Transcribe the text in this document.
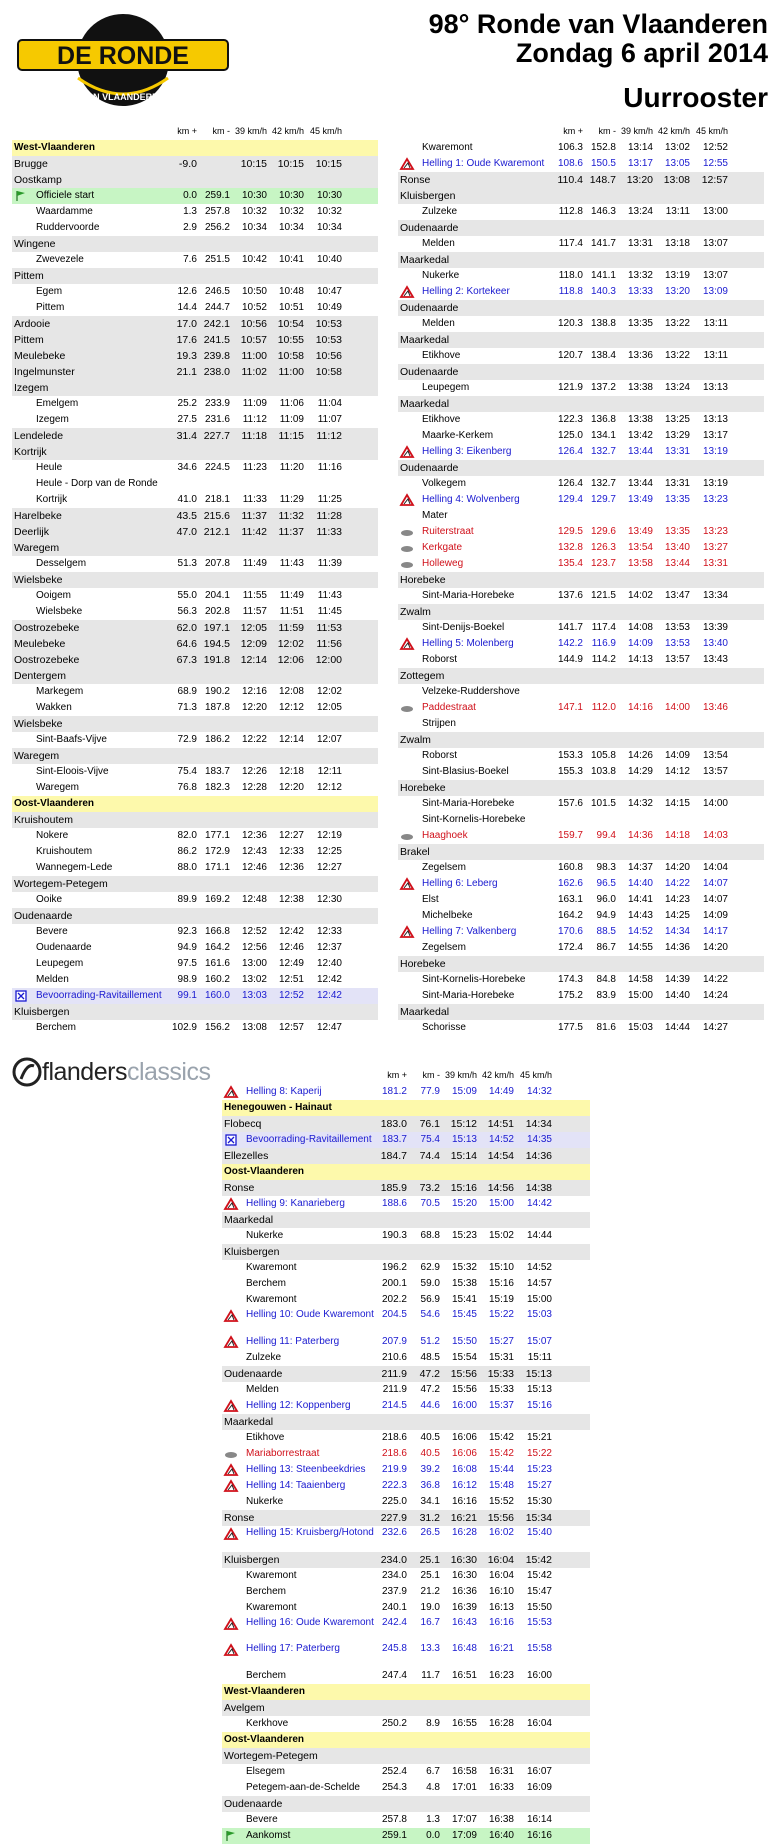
DE RONDE
VAN VLAANDEREN
98° Ronde van Vlaanderen
Zondag 6 april 2014
Uurrooster
flanders classics
km +	km - 39 km/h 42 km/h 45 km/h
West-Vlaanderen
Brugge	-9.0	10:15	10:15	10:15
Oostkamp
Officiele start	0.0 259.1	10:30	10:30	10:30
Waardamme	1.3 257.8	10:32	10:32	10:32
Ruddervoorde	2.9 256.2	10:34	10:34	10:34
Wingene
Zwevezele	7.6 251.5	10:42	10:41	10:40
Pittem
Egem	12.6 246.5	10:50	10:48	10:47
Pittem	14.4 244.7	10:52	10:51	10:49
Ardooie	17.0 242.1	10:56	10:54	10:53
Pittem	17.6 241.5	10:57	10:55	10:53
Meulebeke	19.3 239.8	11:00	10:58	10:56
Ingelmunster	21.1 238.0	11:02	11:00	10:58
Izegem
Emelgem	25.2 233.9	11:09	11:06	11:04
Izegem	27.5 231.6	11:12	11:09	11:07
Lendelede	31.4 227.7	11:18	11:15	11:12
Kortrijk
Heule	34.6 224.5	11:23	11:20	11:16
Heule - Dorp van de Ronde
Kortrijk	41.0 218.1	11:33	11:29	11:25
Harelbeke	43.5 215.6	11:37	11:32	11:28
Deerlijk	47.0 212.1	11:42	11:37	11:33
Waregem
Desselgem	51.3 207.8	11:49	11:43	11:39
Wielsbeke
Ooigem	55.0 204.1	11:55	11:49	11:43
Wielsbeke	56.3 202.8	11:57	11:51	11:45
Oostrozebeke	62.0 197.1	12:05	11:59	11:53
Meulebeke	64.6 194.5	12:09	12:02	11:56
Oostrozebeke	67.3 191.8	12:14	12:06	12:00
Dentergem
Markegem	68.9 190.2	12:16	12:08	12:02
Wakken	71.3 187.8	12:20	12:12	12:05
Wielsbeke
Sint-Baafs-Vijve	72.9 186.2	12:22	12:14	12:07
Waregem
Sint-Eloois-Vijve	75.4 183.7	12:26	12:18	12:11
Waregem	76.8 182.3	12:28	12:20	12:12
Oost-Vlaanderen
Kruishoutem
Nokere	82.0 177.1	12:36	12:27	12:19
Kruishoutem	86.2 172.9	12:43	12:33	12:25
Wannegem-Lede	88.0 171.1	12:46	12:36	12:27
Wortegem-Petegem
Ooike	89.9 169.2	12:48	12:38	12:30
Oudenaarde
Bevere	92.3 166.8	12:52	12:42	12:33
Oudenaarde	94.9 164.2	12:56	12:46	12:37
Leupegem	97.5 161.6	13:00	12:49	12:40
Melden	98.9 160.2	13:02	12:51	12:42
Bevoorrading-Ravitaillement	99.1 160.0	13:03	12:52	12:42
Kluisbergen
Berchem	102.9 156.2	13:08	12:57	12:47
km +	km - 39 km/h 42 km/h 45 km/h
Kwaremont	106.3 152.8	13:14	13:02	12:52
Helling 1: Oude Kwaremont	108.6 150.5	13:17	13:05	12:55
Ronse	110.4 148.7	13:20	13:08	12:57
Kluisbergen
Zulzeke	112.8 146.3	13:24	13:11	13:00
Oudenaarde
Melden	117.4 141.7	13:31	13:18	13:07
Maarkedal
Nukerke	118.0 141.1	13:32	13:19	13:07
Helling 2: Kortekeer	118.8 140.3	13:33	13:20	13:09
Oudenaarde
Melden	120.3 138.8	13:35	13:22	13:11
Maarkedal
Etikhove	120.7 138.4	13:36	13:22	13:11
Oudenaarde
Leupegem	121.9 137.2	13:38	13:24	13:13
Maarkedal
Etikhove	122.3 136.8	13:38	13:25	13:13
Maarke-Kerkem	125.0 134.1	13:42	13:29	13:17
Helling 3: Eikenberg	126.4 132.7	13:44	13:31	13:19
Oudenaarde
Volkegem	126.4 132.7	13:44	13:31	13:19
Helling 4: Wolvenberg	129.4 129.7	13:49	13:35	13:23
Mater
Ruiterstraat	129.5 129.6	13:49	13:35	13:23
Kerkgate	132.8 126.3	13:54	13:40	13:27
Holleweg	135.4 123.7	13:58	13:44	13:31
Horebeke
Sint-Maria-Horebeke	137.6 121.5	14:02	13:47	13:34
Zwalm
Sint-Denijs-Boekel	141.7 117.4	14:08	13:53	13:39
Helling 5: Molenberg	142.2 116.9	14:09	13:53	13:40
Roborst	144.9 114.2	14:13	13:57	13:43
Zottegem
Velzeke-Ruddershove
Paddestraat	147.1 112.0	14:16	14:00	13:46
Strijpen
Zwalm
Roborst	153.3 105.8	14:26	14:09	13:54
Sint-Blasius-Boekel	155.3 103.8	14:29	14:12	13:57
Horebeke
Sint-Maria-Horebeke	157.6 101.5	14:32	14:15	14:00
Sint-Kornelis-Horebeke
Haaghoek	159.7	99.4	14:36	14:18	14:03
Brakel
Zegelsem	160.8	98.3	14:37	14:20	14:04
Helling 6: Leberg	162.6	96.5	14:40	14:22	14:07
Elst	163.1	96.0	14:41	14:23	14:07
Michelbeke	164.2	94.9	14:43	14:25	14:09
Helling 7: Valkenberg	170.6	88.5	14:52	14:34	14:17
Zegelsem	172.4	86.7	14:55	14:36	14:20
Horebeke
Sint-Kornelis-Horebeke	174.3	84.8	14:58	14:39	14:22
Sint-Maria-Horebeke	175.2	83.9	15:00	14:40	14:24
Maarkedal
Schorisse	177.5	81.6	15:03	14:44	14:27
km +	km - 39 km/h 42 km/h 45 km/h
Helling 8: Kaperij	181.2	77.9	15:09	14:49	14:32
Henegouwen - Hainaut
Flobecq	183.0	76.1	15:12	14:51	14:34
Bevoorrading-Ravitaillement	183.7	75.4	15:13	14:52	14:35
Ellezelles	184.7	74.4	15:14	14:54	14:36
Oost-Vlaanderen
Ronse	185.9	73.2	15:16	14:56	14:38
Helling 9: Kanarieberg	188.6	70.5	15:20	15:00	14:42
Maarkedal
Nukerke	190.3	68.8	15:23	15:02	14:44
Kluisbergen
Kwaremont	196.2	62.9	15:32	15:10	14:52
Berchem	200.1	59.0	15:38	15:16	14:57
Kwaremont	202.2	56.9	15:41	15:19	15:00
Helling 10: Oude Kwaremont 204.5	54.6	15:45	15:22	15:03
Helling 11: Paterberg	207.9	51.2	15:50	15:27	15:07
Zulzeke	210.6	48.5	15:54	15:31	15:11
Oudenaarde	211.9	47.2	15:56	15:33	15:13
Melden	211.9	47.2	15:56	15:33	15:13
Helling 12: Koppenberg	214.5	44.6	16:00	15:37	15:16
Maarkedal
Etikhove	218.6	40.5	16:06	15:42	15:21
Mariaborrestraat	218.6	40.5	16:06	15:42	15:22
Helling 13: Steenbeekdries	219.9	39.2	16:08	15:44	15:23
Helling 14: Taaienberg	222.3	36.8	16:12	15:48	15:27
Nukerke	225.0	34.1	16:16	15:52	15:30
Ronse	227.9	31.2	16:21	15:56	15:34
Helling 15: Kruisberg/Hotond 232.6	26.5	16:28	16:02	15:40
Kluisbergen	234.0	25.1	16:30	16:04	15:42
Kwaremont	234.0	25.1	16:30	16:04	15:42
Berchem	237.9	21.2	16:36	16:10	15:47
Kwaremont	240.1	19.0	16:39	16:13	15:50
Helling 16: Oude Kwaremont 242.4	16.7	16:43	16:16	15:53
Helling 17: Paterberg	245.8	13.3	16:48	16:21	15:58
Berchem	247.4	11.7	16:51	16:23	16:00
West-Vlaanderen
Avelgem
Kerkhove	250.2	8.9	16:55	16:28	16:04
Oost-Vlaanderen
Wortegem-Petegem
Elsegem	252.4	6.7	16:58	16:31	16:07
Petegem-aan-de-Schelde	254.3	4.8	17:01	16:33	16:09
Oudenaarde
Bevere	257.8	1.3	17:07	16:38	16:14
Aankomst	259.1	0.0	17:09	16:40	16:16
